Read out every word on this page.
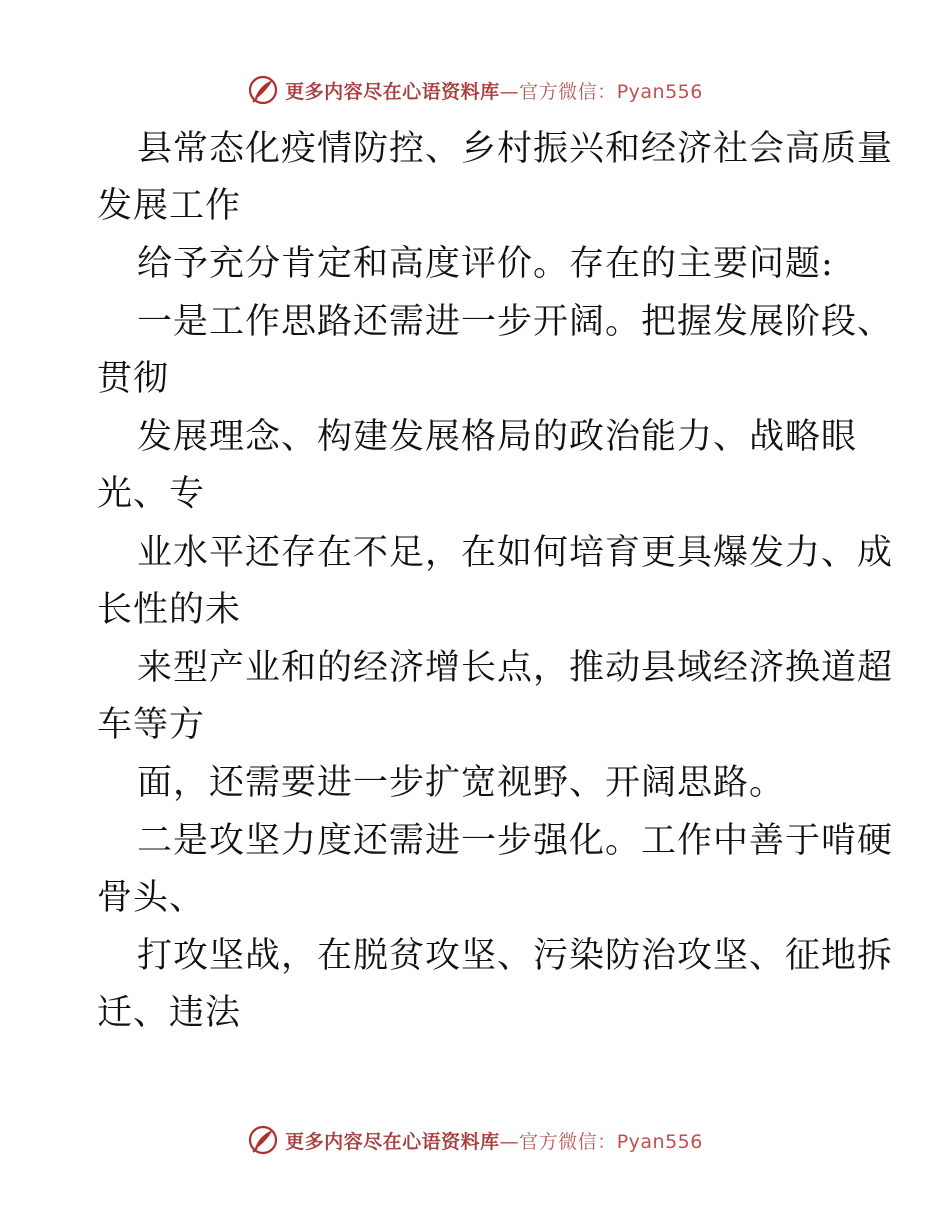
更多内容尽在心语资料库—官方微信：Pyan556
县常态化疫情防控、乡村振兴和经济社会高质量
发展工作
给予充分肯定和高度评价。存在的主要问题:
一是工作思路还需进一步开阔。把握发展阶段、
贯彻
发展理念、构建发展格局的政治能力、战略眼
光、专
业水平还存在不足，在如何培育更具爆发力、成
长性的未
来型产业和的经济增长点，推动县域经济换道超
车等方
面，还需要进一步扩宽视野、开阔思路。
二是攻坚力度还需进一步强化。工作中善于啃硬
骨头、
打攻坚战，在脱贫攻坚、污染防治攻坚、征地拆
迁、违法
更多内容尽在心语资料库—官方微信：Pyan556
